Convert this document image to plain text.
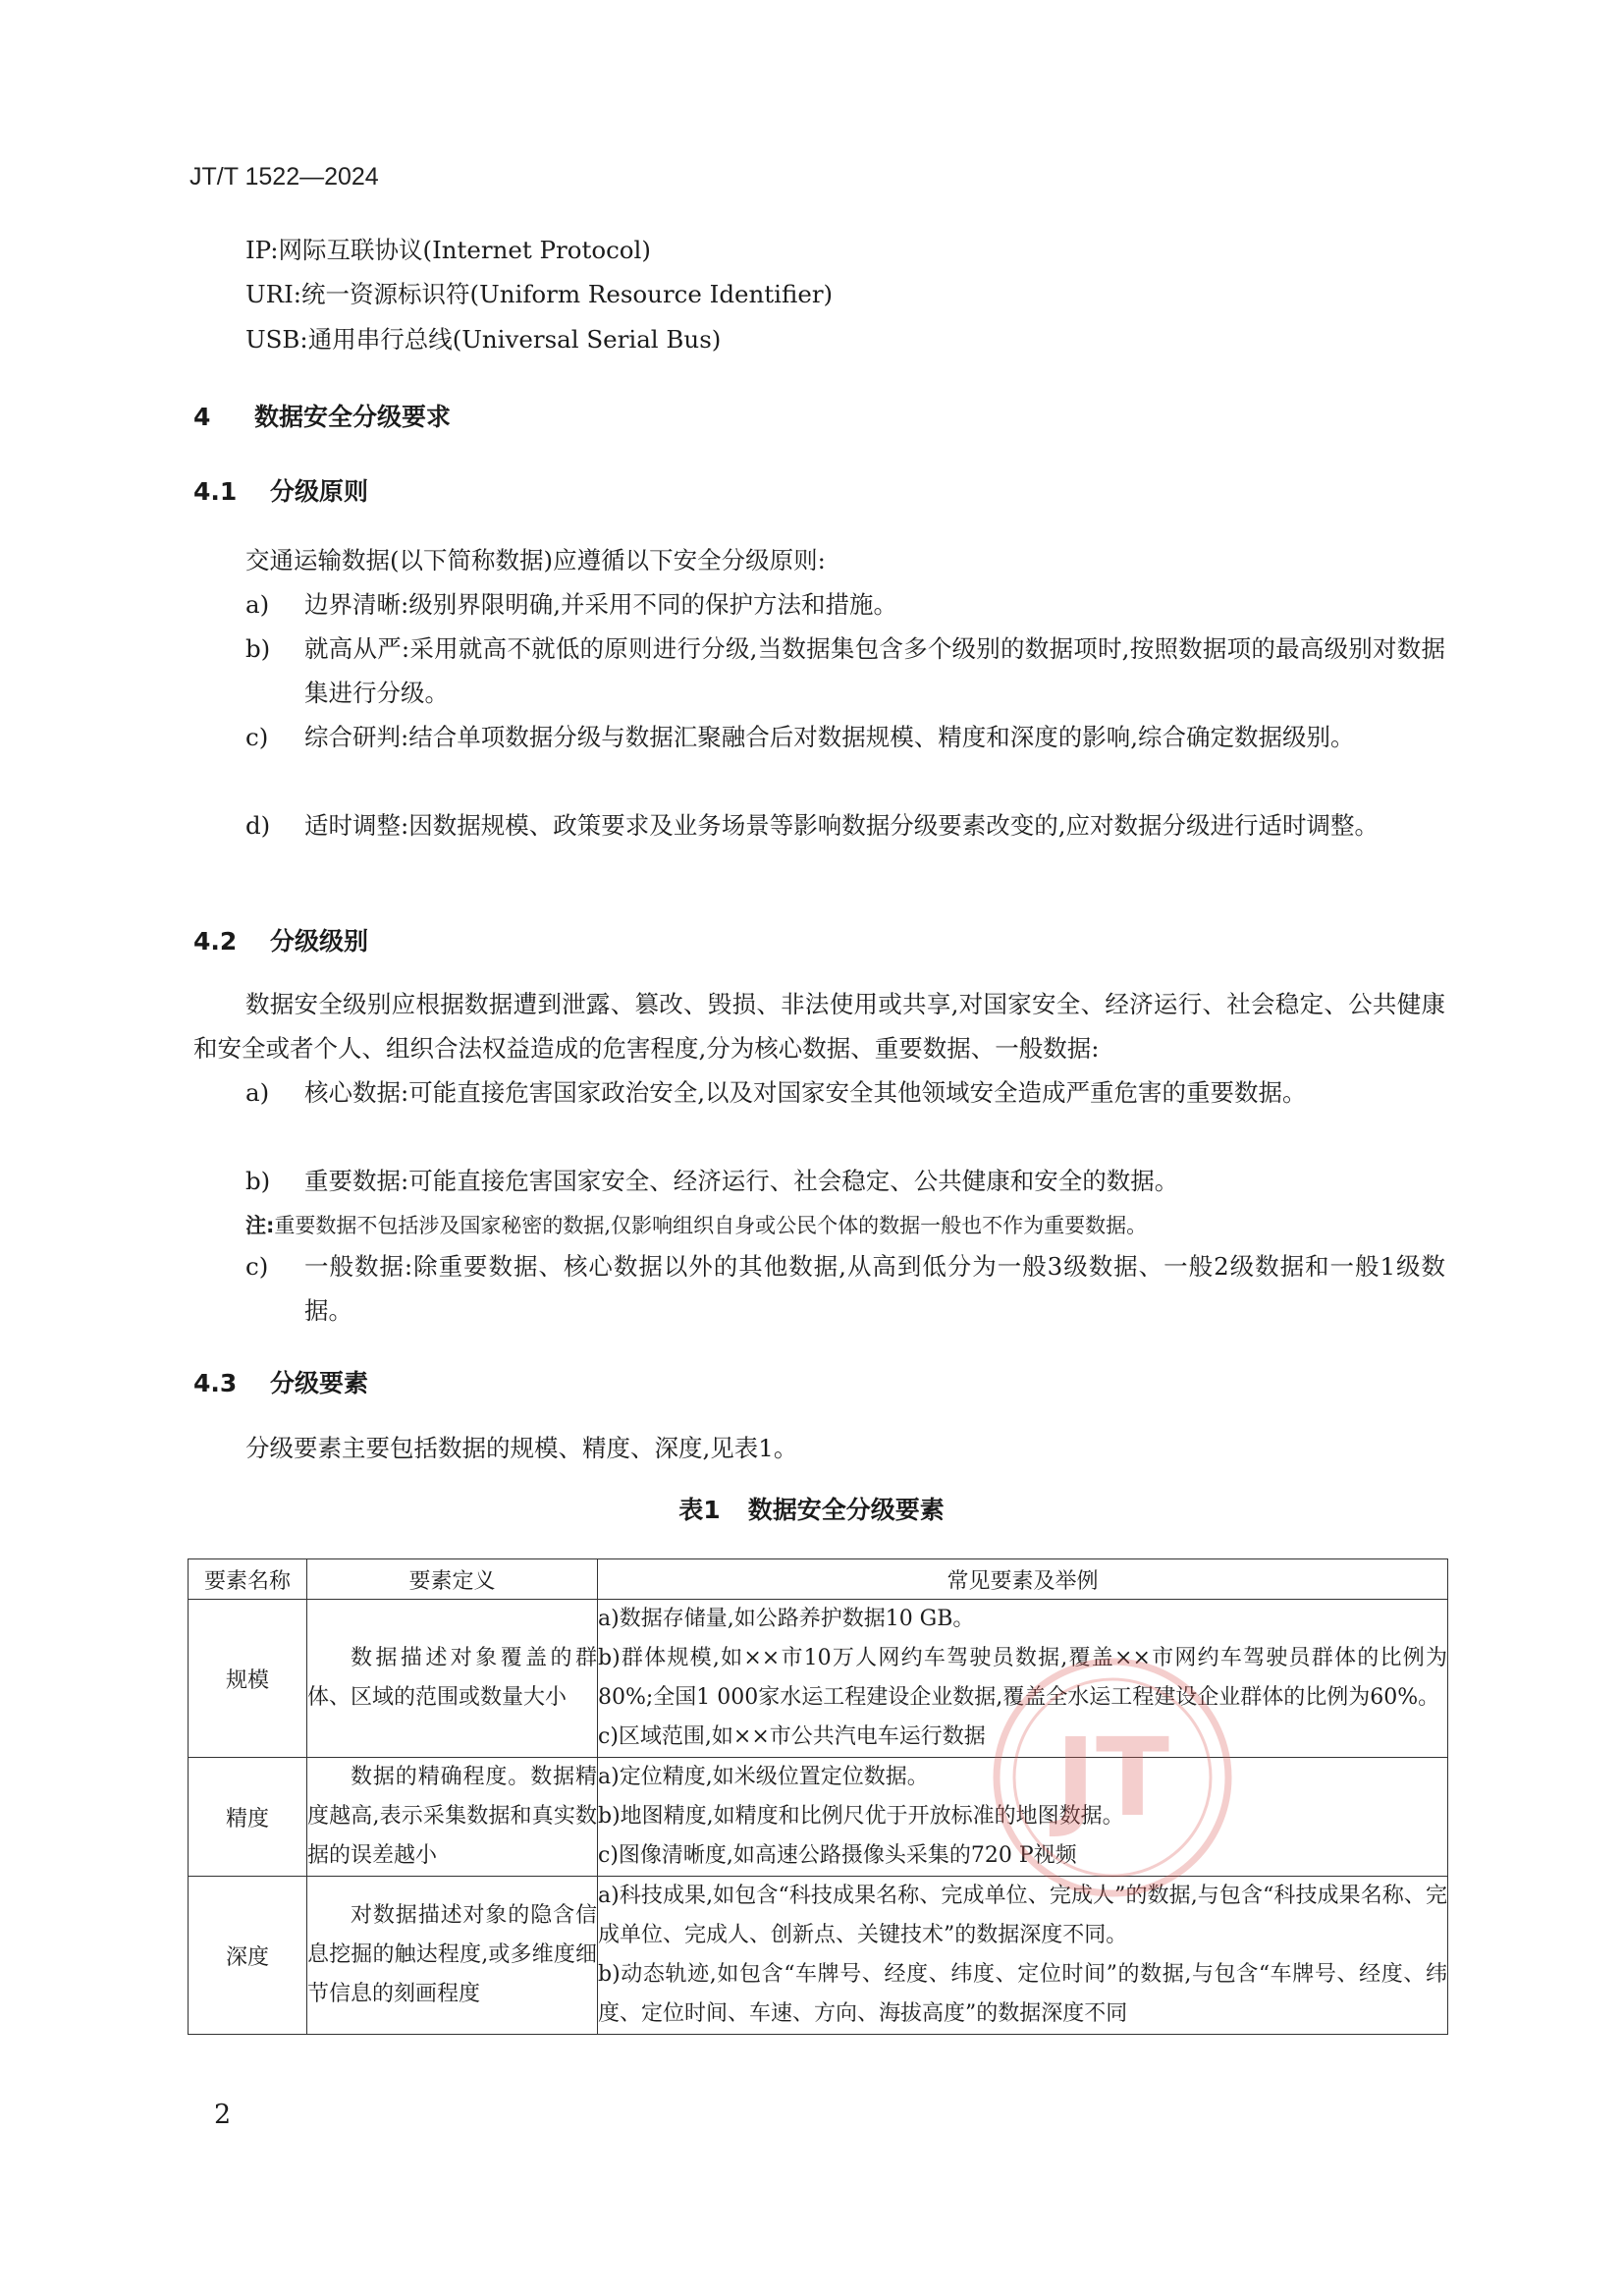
JT/T 1522—2024
IP:网际互联协议(Internet Protocol)
URI:统一资源标识符(Uniform Resource Identifier)
USB:通用串行总线(Universal Serial Bus)
4 数据安全分级要求
4.1 分级原则
交通运输数据(以下简称数据)应遵循以下安全分级原则:
a) 边界清晰:级别界限明确,并采用不同的保护方法和措施。
b) 就高从严:采用就高不就低的原则进行分级,当数据集包含多个级别的数据项时,按照数据项的最高级别对数据集进行分级。
c) 综合研判:结合单项数据分级与数据汇聚融合后对数据规模、精度和深度的影响,综合确定数据级别。
d) 适时调整:因数据规模、政策要求及业务场景等影响数据分级要素改变的,应对数据分级进行适时调整。
4.2 分级级别
数据安全级别应根据数据遭到泄露、篡改、毁损、非法使用或共享,对国家安全、经济运行、社会稳定、公共健康和安全或者个人、组织合法权益造成的危害程度,分为核心数据、重要数据、一般数据:
a) 核心数据:可能直接危害国家政治安全,以及对国家安全其他领域安全造成严重危害的重要数据。
b) 重要数据:可能直接危害国家安全、经济运行、社会稳定、公共健康和安全的数据。
注:重要数据不包括涉及国家秘密的数据,仅影响组织自身或公民个体的数据一般也不作为重要数据。
c) 一般数据:除重要数据、核心数据以外的其他数据,从高到低分为一般3级数据、一般2级数据和一般1级数据。
4.3 分级要素
分级要素主要包括数据的规模、精度、深度,见表1。
表1 数据安全分级要素
要素名称	要素定义	常见要素及举例
规模	数据描述对象覆盖的群体、区域的范围或数量大小	a)数据存储量,如公路养护数据10 GB。
b)群体规模,如××市10万人网约车驾驶员数据,覆盖××市网约车驾驶员群体的比例为80%;全国1 000家水运工程建设企业数据,覆盖全水运工程建设企业群体的比例为60%。
c)区域范围,如××市公共汽电车运行数据

精度	数据的精确程度。数据精度越高,表示采集数据和真实数据的误差越小	a)定位精度,如米级位置定位数据。
b)地图精度,如精度和比例尺优于开放标准的地图数据。
c)图像清晰度,如高速公路摄像头采集的720 P视频

深度	对数据描述对象的隐含信息挖掘的触达程度,或多维度细节信息的刻画程度	a)科技成果,如包含“科技成果名称、完成单位、完成人”的数据,与包含“科技成果名称、完成单位、完成人、创新点、关键技术”的数据深度不同。
b)动态轨迹,如包含“车牌号、经度、纬度、定位时间”的数据,与包含“车牌号、经度、纬度、定位时间、车速、方向、海拔高度”的数据深度不同
JT
2
